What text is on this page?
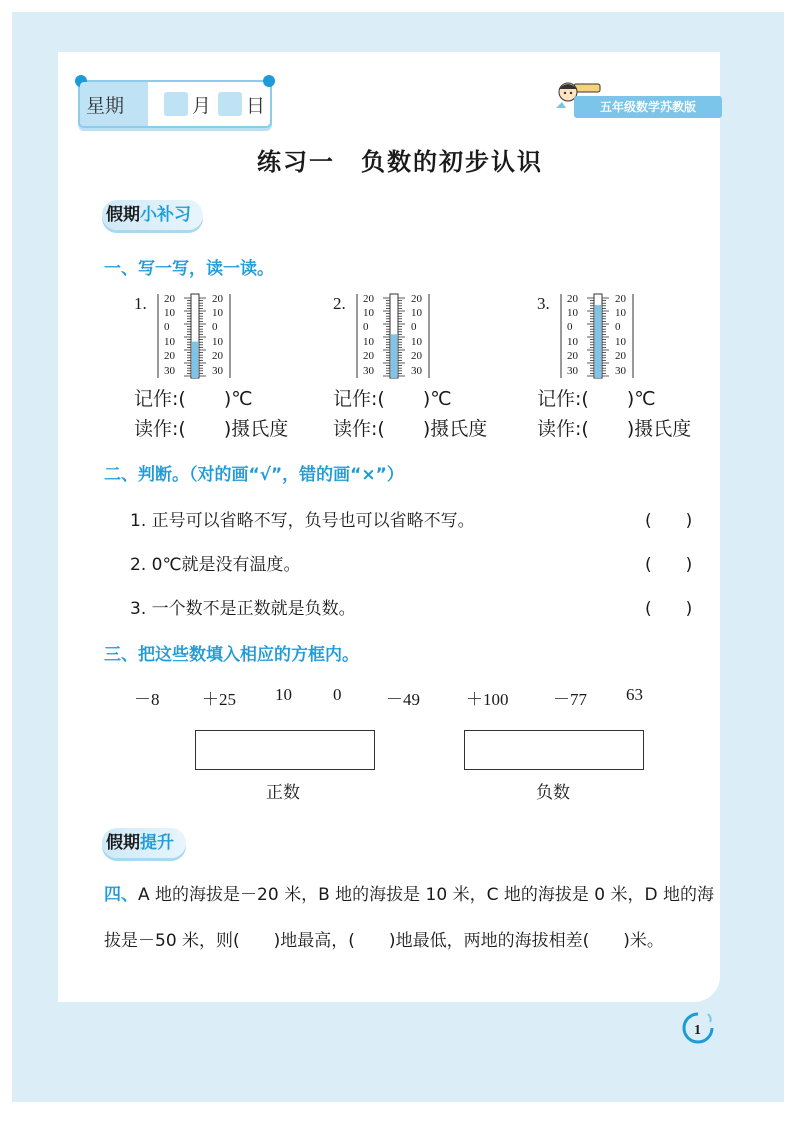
星期	月 日	五年级数学苏教版
练习一　负数的初步认识
假期小补习
一、写一写，读一读。
1. 20
10
0
10
20
30
20
10
0
10
20
30
记作:(　　)℃
读作:(　　)摄氏度
2. 20
10
0
10
20
30
20
10
0
10
20
30
记作:(　　)℃
读作:(　　)摄氏度
3. 20
10
0
10
20
30
20
10
0
10
20
30
记作:(　　)℃
读作:(　　)摄氏度
二、判断。（对的画“√”，错的画“×”）
1. 正号可以省略不写，负号也可以省略不写。	(　　)
2. 0℃就是没有温度。	(　　)
3. 一个数不是正数就是负数。	(　　)
三、把这些数填入相应的方框内。
－8	＋25 10 0	－49	＋100	－77 63
正数	负数
假期提升
四、A 地的海拔是－20 米，B 地的海拔是 10 米，C 地的海拔是 0 米，D 地的海拔是－50 米，则(　　)地最高，(　　)地最低，两地的海拔相差(　　)米。
1
